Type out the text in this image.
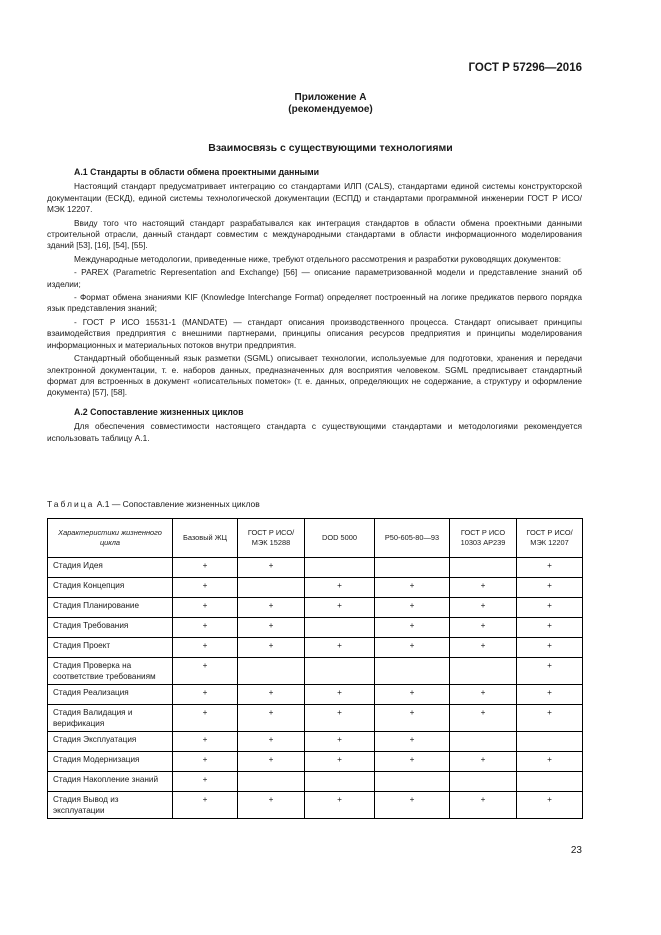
ГОСТ Р 57296—2016
Приложение А
(рекомендуемое)
Взаимосвязь с существующими технологиями
А.1 Стандарты в области обмена проектными данными

Настоящий стандарт предусматривает интеграцию со стандартами ИЛП (CALS), стандартами единой системы конструкторской документации (ЕСКД), единой системы технологической документации (ЕСПД) и стандартами программной инженерии ГОСТ Р ИСО/МЭК 12207.

Ввиду того что настоящий стандарт разрабатывался как интеграция стандартов в области обмена проектными данными строительной отрасли, данный стандарт совместим с международными стандартами в области информационного моделирования зданий [53], [16], [54], [55].

Международные методологии, приведенные ниже, требуют отдельного рассмотрения и разработки руководящих документов:

- PAREX (Parametric Representation and Exchange) [56] — описание параметризованной модели и представление знаний об изделии;

- Формат обмена знаниями KIF (Knowledge Interchange Format) определяет построенный на логике предикатов первого порядка язык представления знаний;

- ГОСТ Р ИСО 15531-1 (MANDATE) — стандарт описания производственного процесса. Стандарт описывает принципы взаимодействия предприятия с внешними партнерами, принципы описания ресурсов предприятия и принципы моделирования информационных и материальных потоков внутри предприятия.

Стандартный обобщенный язык разметки (SGML) описывает технологии, используемые для подготовки, хранения и передачи электронной документации, т. е. наборов данных, предназначенных для восприятия человеком. SGML предписывает стандартный формат для встроенных в документ «описательных пометок» (т. е. данных, определяющих не содержание, а структуру и оформление документа) [57], [58].

А.2 Сопоставление жизненных циклов

Для обеспечения совместимости настоящего стандарта с существующими стандартами и методологиями рекомендуется использовать таблицу А.1.

Таблица А.1 — Сопоставление жизненных циклов
Характеристики жизненного цикла	Базовый ЖЦ	ГОСТ Р ИСО/МЭК 15288	DOD 5000	Р50-605-80—93	ГОСТ Р ИСО 10303 AP239	ГОСТ Р ИСО/МЭК 12207
Стадия Идея	+	+				+
Стадия Концепция	+		+	+	+	+
Стадия Планирование	+	+	+	+	+	+
Стадия Требования	+	+		+	+	+
Стадия Проект	+	+	+	+	+	+
Стадия Проверка на соответствие требованиям	+					+
Стадия Реализация	+	+	+	+	+	+
Стадия Валидация и верификация	+	+	+	+	+	+
Стадия Эксплуатация	+	+	+	+		
Стадия Модернизация	+	+	+	+	+	+
Стадия Накопление знаний	+					
Стадия Вывод из эксплуатации	+	+	+	+	+	+
23
